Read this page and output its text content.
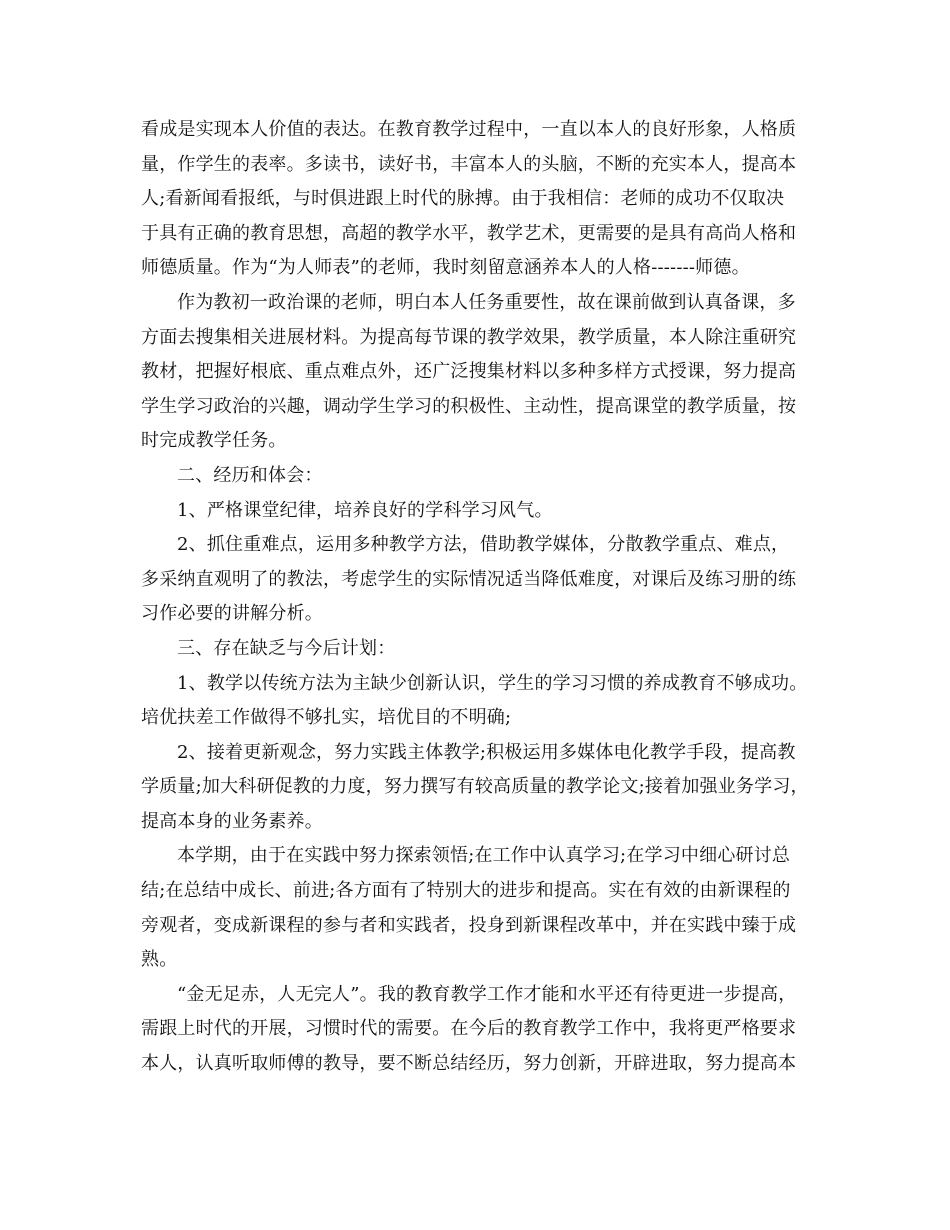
看成是实现本人价值的表达。在教育教学过程中，一直以本人的良好形象，人格质
量，作学生的表率。多读书，读好书，丰富本人的头脑，不断的充实本人，提高本
人;看新闻看报纸，与时俱进跟上时代的脉搏。由于我相信：老师的成功不仅取决
于具有正确的教育思想，高超的教学水平，教学艺术，更需要的是具有高尚人格和
师德质量。作为“为人师表”的老师，我时刻留意涵养本人的人格-------师德。
作为教初一政治课的老师，明白本人任务重要性，故在课前做到认真备课，多
方面去搜集相关进展材料。为提高每节课的教学效果，教学质量，本人除注重研究
教材，把握好根底、重点难点外，还广泛搜集材料以多种多样方式授课，努力提高
学生学习政治的兴趣，调动学生学习的积极性、主动性，提高课堂的教学质量，按
时完成教学任务。
二、经历和体会：
1、严格课堂纪律，培养良好的学科学习风气。
2、抓住重难点，运用多种教学方法，借助教学媒体，分散教学重点、难点，
多采纳直观明了的教法，考虑学生的实际情况适当降低难度，对课后及练习册的练
习作必要的讲解分析。
三、存在缺乏与今后计划：
1、教学以传统方法为主缺少创新认识，学生的学习习惯的养成教育不够成功。
培优扶差工作做得不够扎实，培优目的不明确;
2、接着更新观念，努力实践主体教学;积极运用多媒体电化教学手段，提高教
学质量;加大科研促教的力度，努力撰写有较高质量的教学论文;接着加强业务学习，
提高本身的业务素养。
本学期，由于在实践中努力探索领悟;在工作中认真学习;在学习中细心研讨总
结;在总结中成长、前进;各方面有了特别大的进步和提高。实在有效的由新课程的
旁观者，变成新课程的参与者和实践者，投身到新课程改革中，并在实践中臻于成
熟。
“金无足赤，人无完人”。我的教育教学工作才能和水平还有待更进一步提高，
需跟上时代的开展，习惯时代的需要。在今后的教育教学工作中，我将更严格要求
本人，认真听取师傅的教导，要不断总结经历，努力创新，开辟进取，努力提高本
